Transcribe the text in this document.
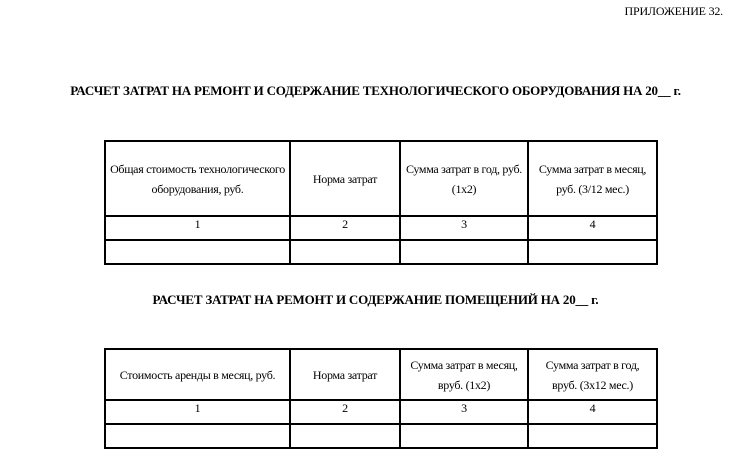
ПРИЛОЖЕНИЕ 32.
РАСЧЕТ ЗАТРАТ НА РЕМОНТ И СОДЕРЖАНИЕ ТЕХНОЛОГИЧЕСКОГО ОБОРУДОВАНИЯ НА 20__ г.
Общая стоимость технологического оборудования, руб.	Норма затрат	Сумма затрат в год, руб. (1х2)	Сумма затрат в месяц, руб. (3/12 мес.)
1	2	3	4

РАСЧЕТ ЗАТРАТ НА РЕМОНТ И СОДЕРЖАНИЕ ПОМЕЩЕНИЙ НА 20__ г.
Стоимость аренды в месяц, руб.	Норма затрат	Сумма затрат в месяц, вруб. (1х2)	Сумма затрат в год, вруб. (3х12 мес.)
1	2	3	4
